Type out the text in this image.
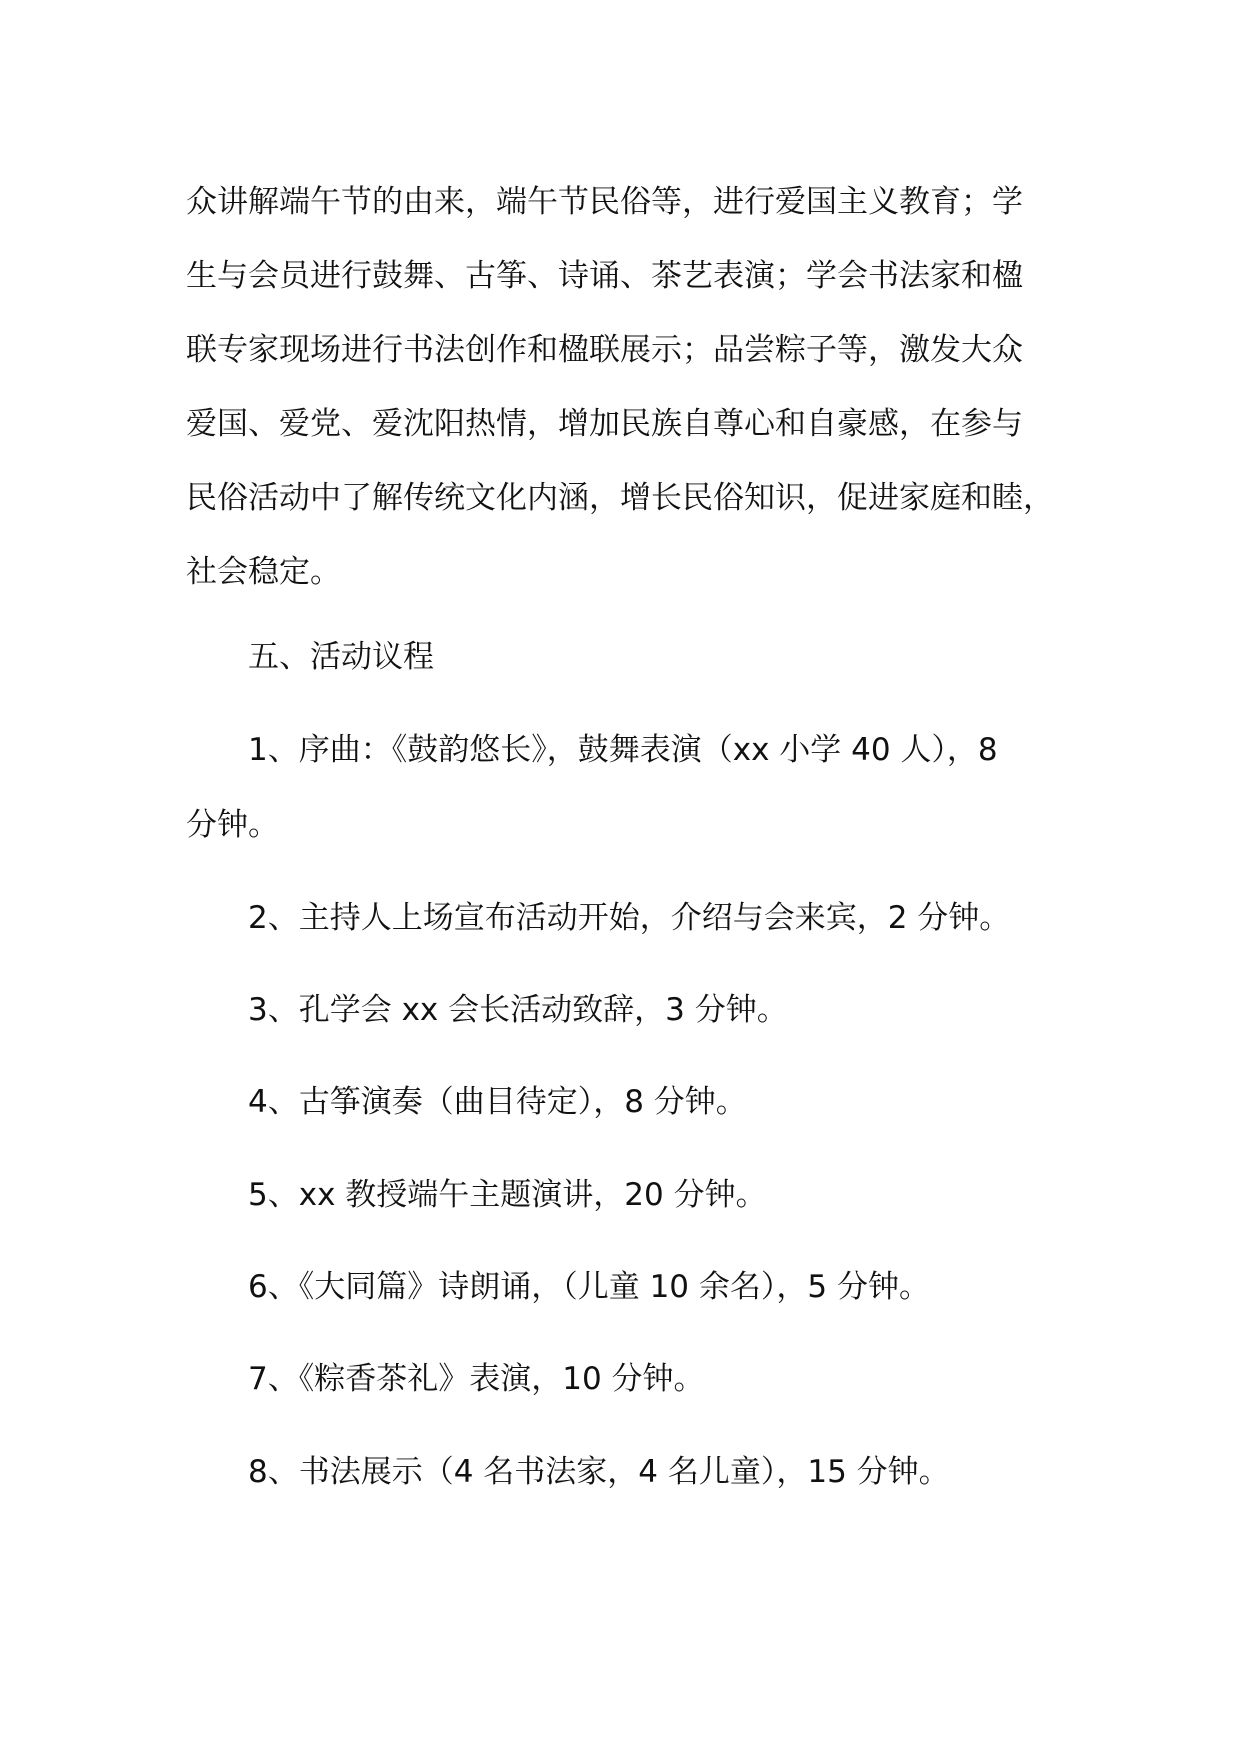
众讲解端午节的由来，端午节民俗等，进行爱国主义教育；学
生与会员进行鼓舞、古筝、诗诵、茶艺表演；学会书法家和楹
联专家现场进行书法创作和楹联展示；品尝粽子等，激发大众
爱国、爱党、爱沈阳热情，增加民族自尊心和自豪感，在参与
民俗活动中了解传统文化内涵，增长民俗知识，促进家庭和睦，
社会稳定。
五、活动议程
1、序曲：《鼓韵悠长》，鼓舞表演（xx 小学 40 人），8
分钟。
2、主持人上场宣布活动开始，介绍与会来宾，2 分钟。
3、孔学会 xx 会长活动致辞，3 分钟。
4、古筝演奏（曲目待定），8 分钟。
5、xx 教授端午主题演讲，20 分钟。
6、《大同篇》诗朗诵，（儿童 10 余名），5 分钟。
7、《粽香茶礼》表演，10 分钟。
8、书法展示（4 名书法家，4 名儿童），15 分钟。
